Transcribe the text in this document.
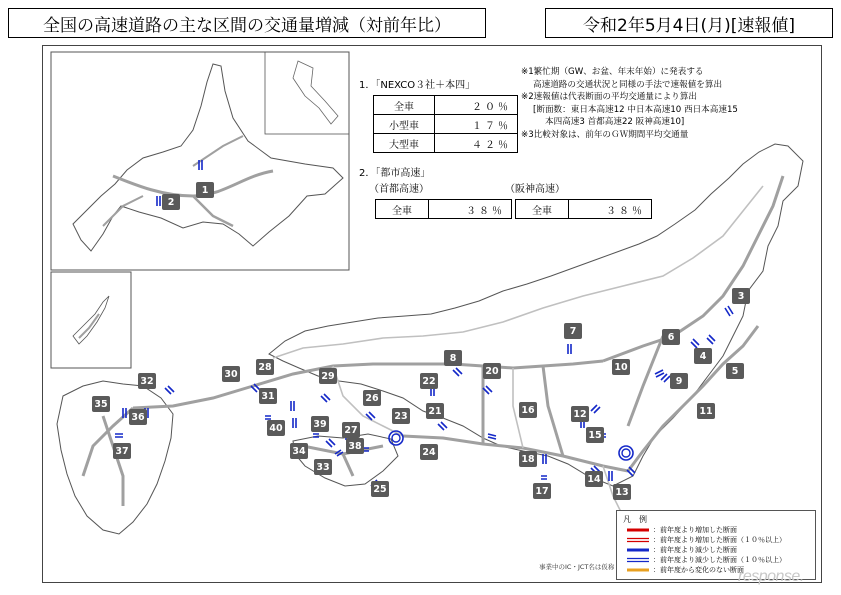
全国の高速道路の主な区間の交通量増減（対前年比）	令和2年5月4日(月)[速報値]
1．「NEXCO３社＋本四」
全車	２０％
小型車	１７％
大型車	４２％
2．「都市高速」
（首都高速）
全車	３８％
（阪神高速）
全車	３８％
※1繁忙期（GW、お盆、年末年始）に発表する
高速道路の交通状況と同様の手法で速報値を算出
※2速報値は代表断面の平均交通量により算出
[断面数：東日本高速12 中日本高速10 西日本高速15
本四高速3 首都高速22 阪神高速10]
※3比較対象は、前年のＧＷ期間平均交通量
1
2
3
4
5
6
7
8
9
10
11
12
13
14
15
16
17
18
20
21
22
23
24
25
26
27
28
29
30
31
32
33
34
35
36
37	38
39
40
凡　例
：前年度より増加した断面
：前年度より増加した断面（１０％以上）
：前年度より減少した断面
：前年度より減少した断面（１０％以上）
：前年度から変化のない断面
事業中のIC・JCT名は仮称
response.
